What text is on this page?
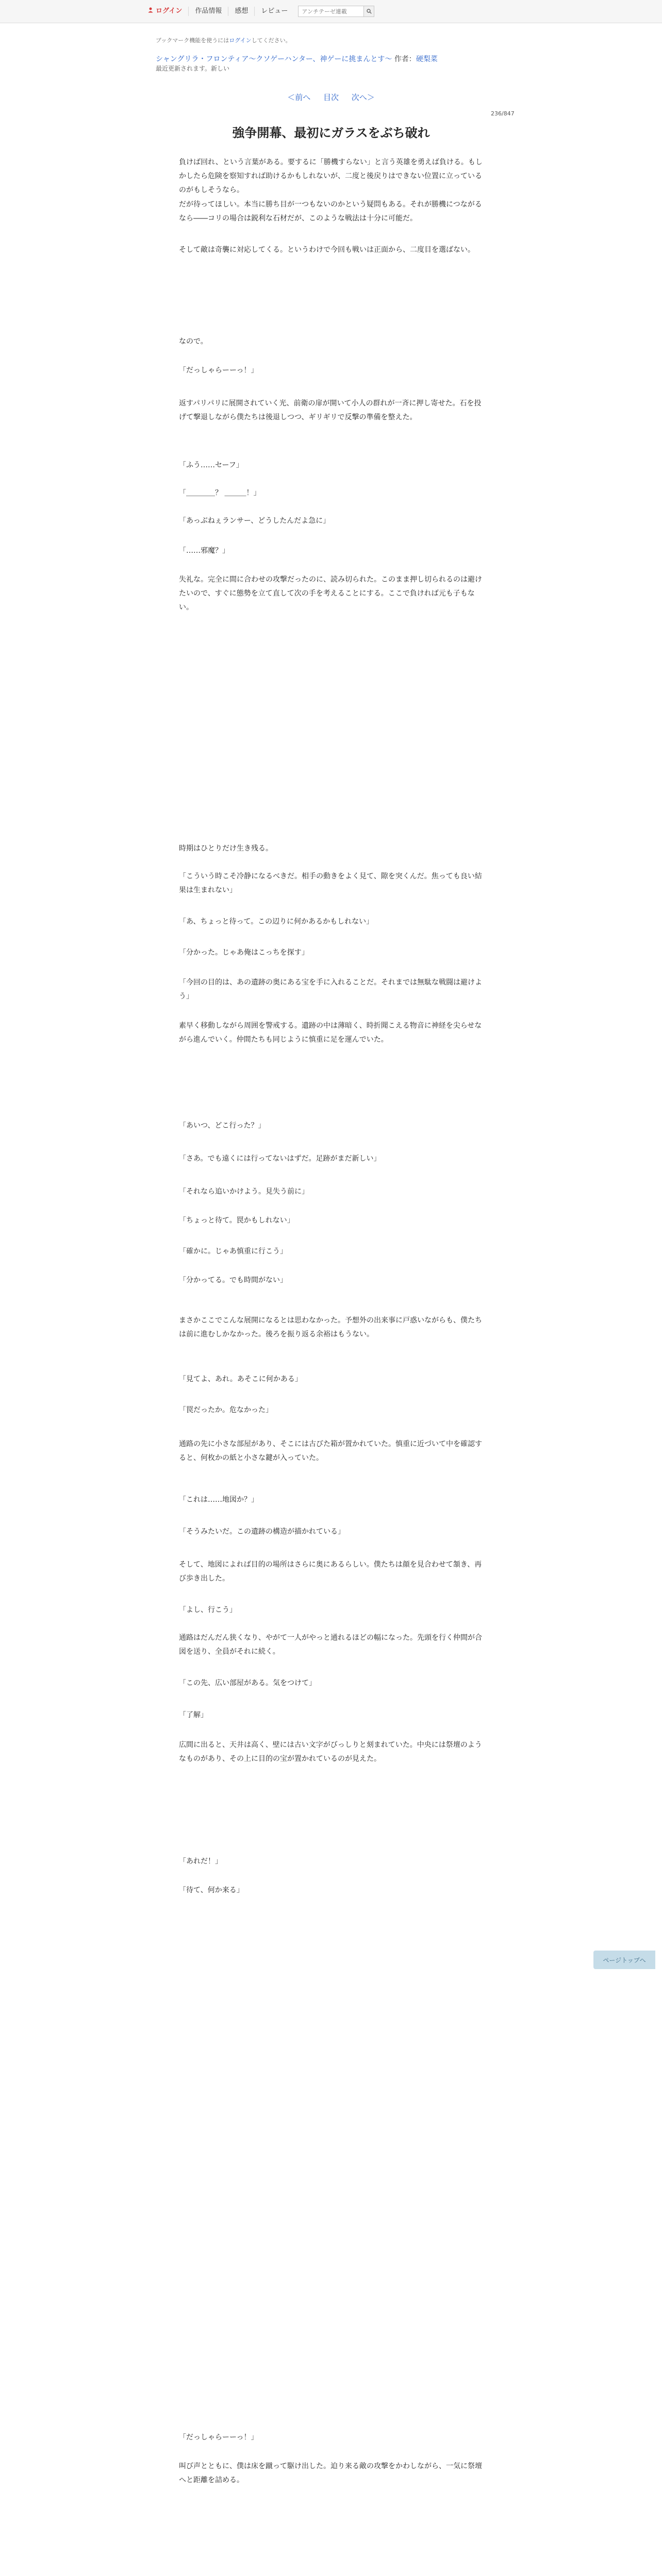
ログイン	作品情報	感想	レビュー
アンチテーゼ連載
ブックマーク機能を使うにはログインしてください。
シャングリラ・フロンティア〜クソゲーハンター、神ゲーに挑まんとす〜 作者：硬梨菜
最近更新されます。新しい
＜前へ 目次 次へ＞
236/847
強争開幕、最初にガラスをぶち破れ
負けば回れ、という言葉がある。要するに「勝機すらない」と言う英雄を勇えば負ける。もしかしたら危険を察知すれば助けるかもしれないが、二度と後戻りはできない位置に立っているのがもしそうなら。
だが待ってほしい。本当に勝ち目が一つもないのかという疑問もある。それが勝機につながるなら――コリの場合は鋭利な石材だが、このような戦法は十分に可能だ。
そして敵は奇襲に対応してくる。というわけで今回も戦いは正面から、二度目を選ばない。
なので。
「だっしゃらーーっ！」
返すパリパリに展開されていく光、前衛の扉が開いて小人の群れが一斉に押し寄せた。石を投げて撃退しながら僕たちは後退しつつ、ギリギリで反撃の準備を整えた。
「ふう……セーフ」
「＿＿＿＿？ ＿＿＿！」
「あっぶねぇランサー、どうしたんだよ急に」
「……邪魔？」
失礼な。完全に間に合わせの攻撃だったのに、読み切られた。このまま押し切られるのは避けたいので、すぐに態勢を立て直して次の手を考えることにする。ここで負ければ元も子もない。
時期はひとりだけ生き残る。
「こういう時こそ冷静になるべきだ。相手の動きをよく見て、隙を突くんだ。焦っても良い結果は生まれない」
「あ、ちょっと待って。この辺りに何かあるかもしれない」
「分かった。じゃあ俺はこっちを探す」
「今回の目的は、あの遺跡の奥にある宝を手に入れることだ。それまでは無駄な戦闘は避けよう」
素早く移動しながら周囲を警戒する。遺跡の中は薄暗く、時折聞こえる物音に神経を尖らせながら進んでいく。仲間たちも同じように慎重に足を運んでいた。
「あいつ、どこ行った？」
「さあ。でも遠くには行ってないはずだ。足跡がまだ新しい」
「それなら追いかけよう。見失う前に」
「ちょっと待て。罠かもしれない」
「確かに。じゃあ慎重に行こう」
「分かってる。でも時間がない」
まさかここでこんな展開になるとは思わなかった。予想外の出来事に戸惑いながらも、僕たちは前に進むしかなかった。後ろを振り返る余裕はもうない。
「見てよ、あれ。あそこに何かある」
「罠だったか。危なかった」
通路の先に小さな部屋があり、そこには古びた箱が置かれていた。慎重に近づいて中を確認すると、何枚かの紙と小さな鍵が入っていた。
「これは……地図か？」
「そうみたいだ。この遺跡の構造が描かれている」
そして、地図によれば目的の場所はさらに奥にあるらしい。僕たちは顔を見合わせて頷き、再び歩き出した。
「よし、行こう」
通路はだんだん狭くなり、やがて一人がやっと通れるほどの幅になった。先頭を行く仲間が合図を送り、全員がそれに続く。
「この先、広い部屋がある。気をつけて」
「了解」
広間に出ると、天井は高く、壁には古い文字がびっしりと刻まれていた。中央には祭壇のようなものがあり、その上に目的の宝が置かれているのが見えた。
「あれだ！」
「待て、何か来る」
「だっしゃらーーっ！」
叫び声とともに、僕は床を蹴って駆け出した。迫り来る敵の攻撃をかわしながら、一気に祭壇へと距離を詰める。
ページトップへ
